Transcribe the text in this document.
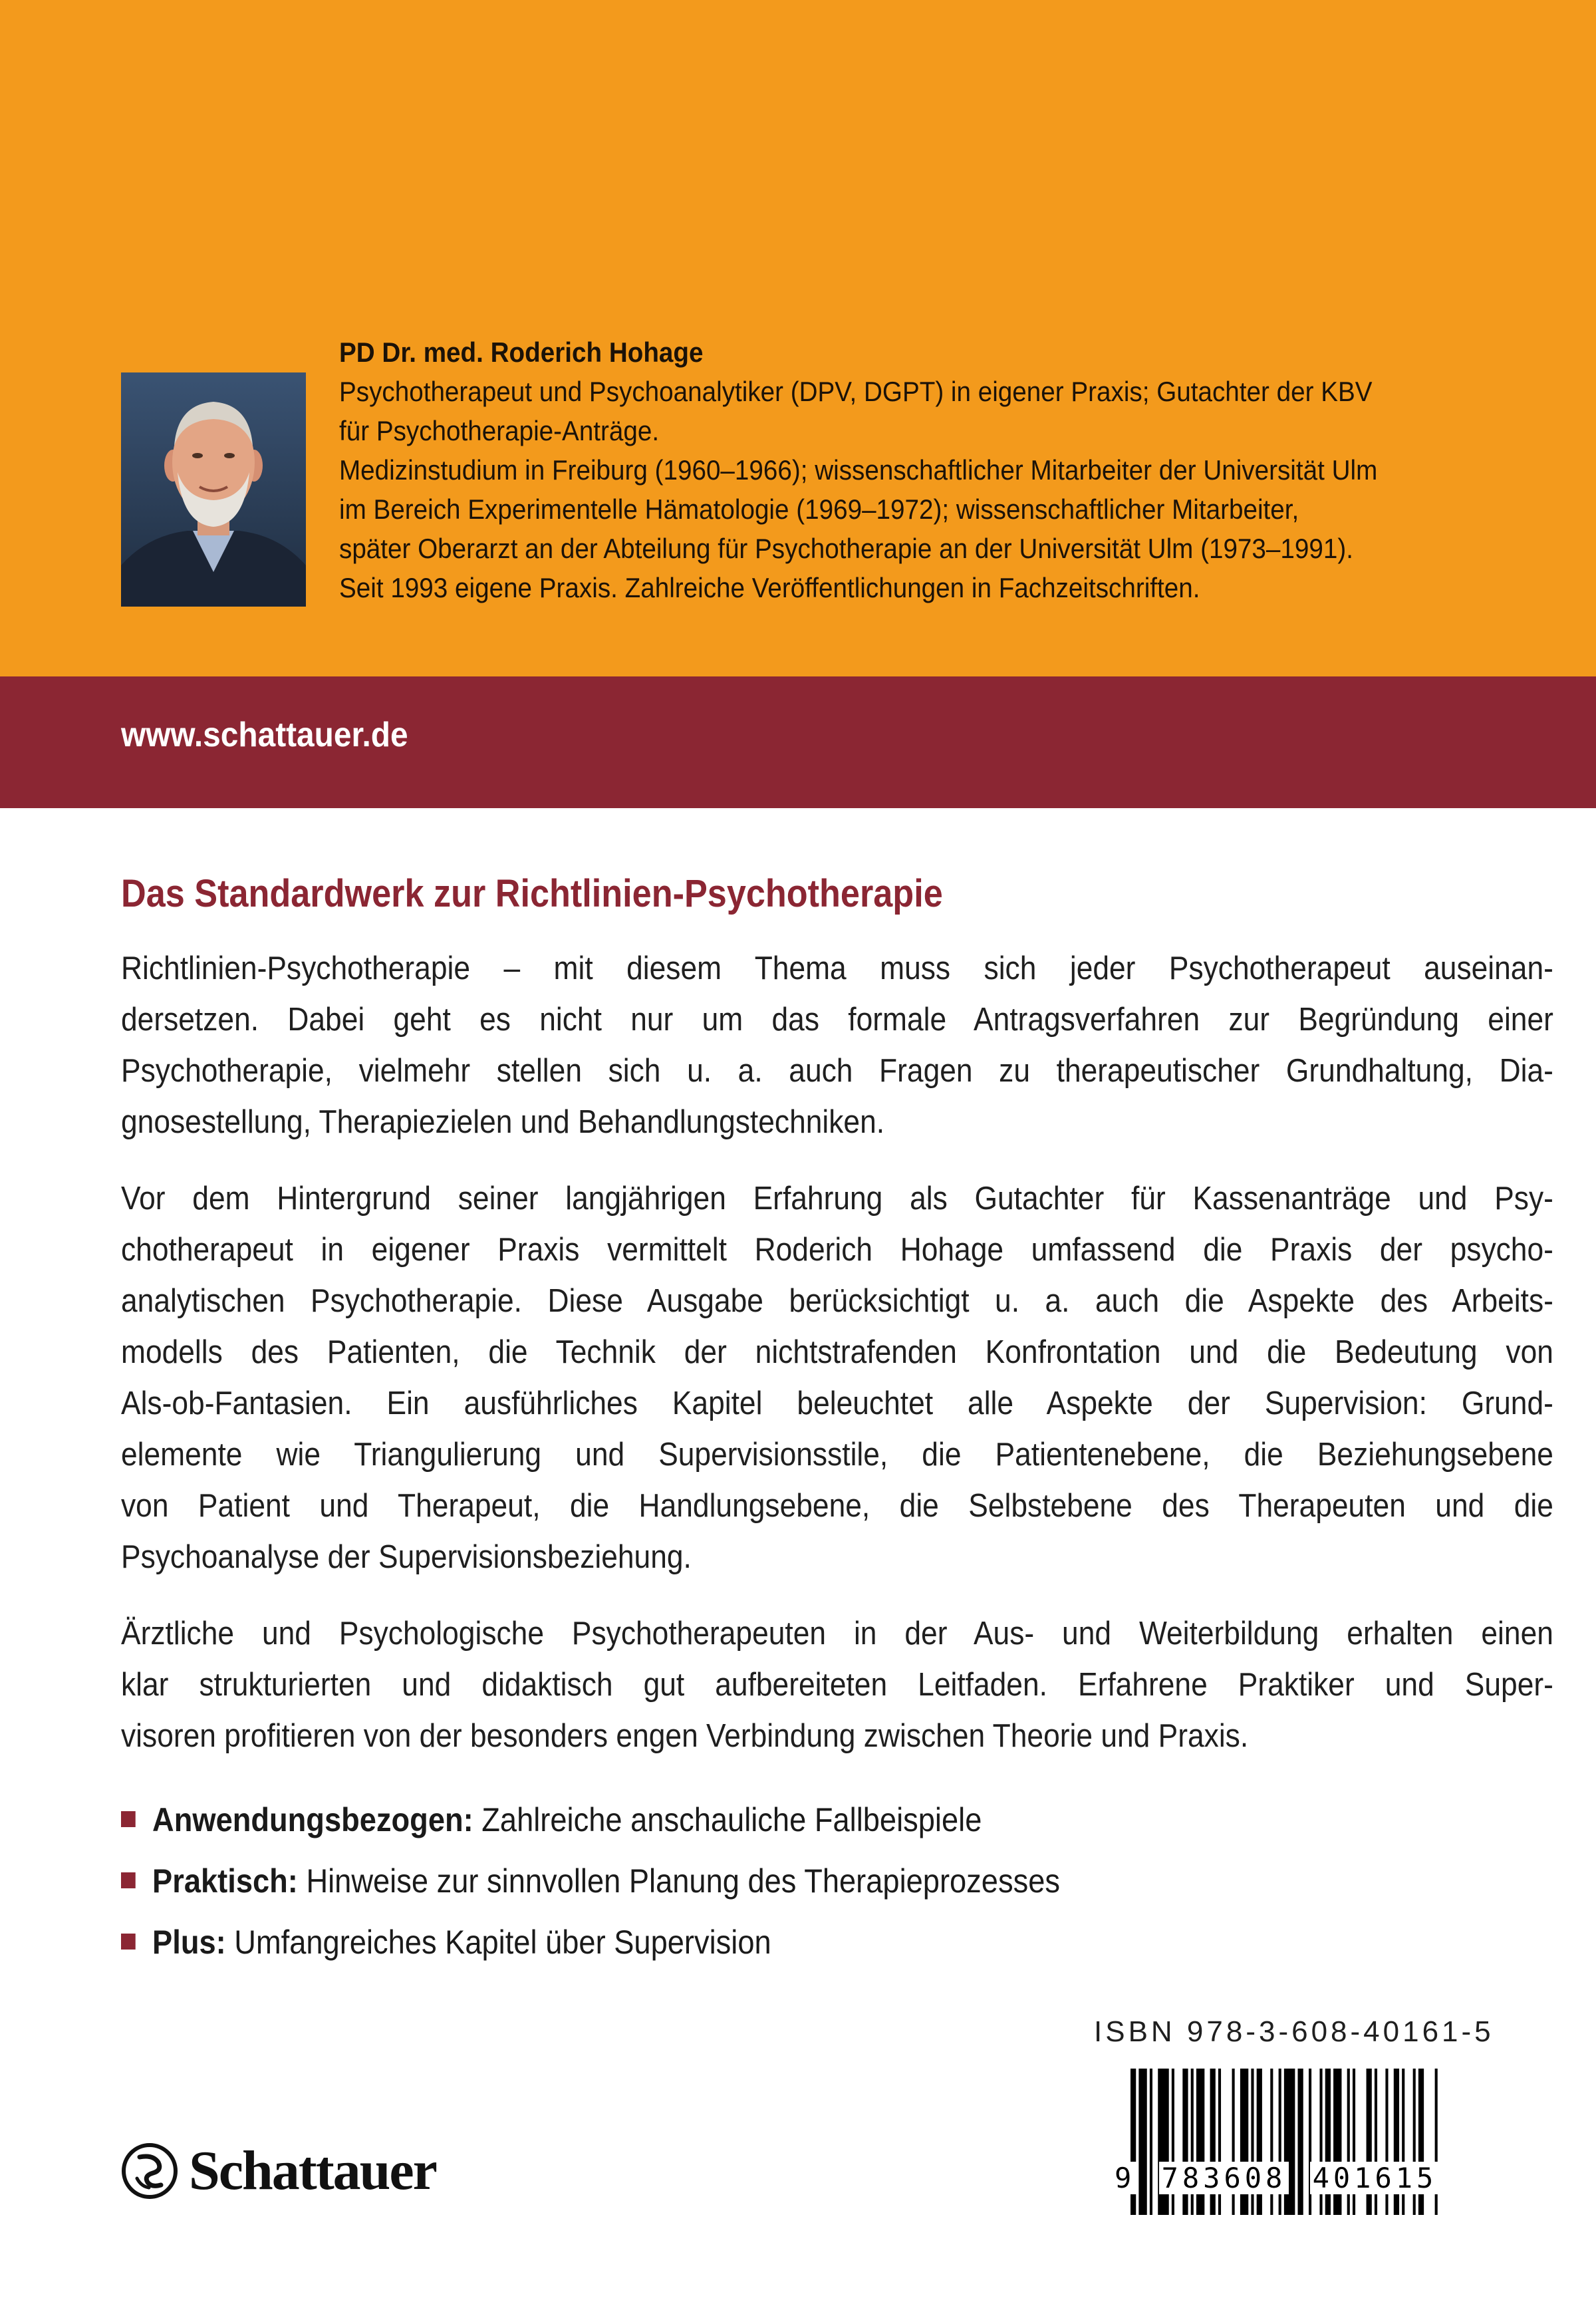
PD Dr. med. Roderich Hohage
Psychotherapeut und Psychoanalytiker (DPV, DGPT) in eigener Praxis; Gutachter der KBV
für Psychotherapie-Anträge.
Medizinstudium in Freiburg (1960–1966); wissenschaftlicher Mitarbeiter der Universität Ulm
im Bereich Experimentelle Hämatologie (1969–1972); wissenschaftlicher Mitarbeiter,
später Oberarzt an der Abteilung für Psychotherapie an der Universität Ulm (1973–1991).
Seit 1993 eigene Praxis. Zahlreiche Veröffentlichungen in Fachzeitschriften.
www.schattauer.de
Das Standardwerk zur Richtlinien-Psychotherapie
Richtlinien-Psychotherapie – mit diesem Thema muss sich jeder Psychotherapeut auseinan-
dersetzen. Dabei geht es nicht nur um das formale Antragsverfahren zur Begründung einer
Psychotherapie, vielmehr stellen sich u. a. auch Fragen zu therapeutischer Grundhaltung, Dia-
gnosestellung, Therapiezielen und Behandlungstechniken.
Vor dem Hintergrund seiner langjährigen Erfahrung als Gutachter für Kassenanträge und Psy-
chotherapeut in eigener Praxis vermittelt Roderich Hohage umfassend die Praxis der psycho-
analytischen Psychotherapie. Diese Ausgabe berücksichtigt u. a. auch die Aspekte des Arbeits-
modells des Patienten, die Technik der nichtstrafenden Konfrontation und die Bedeutung von
Als-ob-Fantasien. Ein ausführliches Kapitel beleuchtet alle Aspekte der Supervision: Grund-
elemente wie Triangulierung und Supervisionsstile, die Patientenebene, die Beziehungsebene
von Patient und Therapeut, die Handlungsebene, die Selbstebene des Therapeuten und die
Psychoanalyse der Supervisionsbeziehung.
Ärztliche und Psychologische Psychotherapeuten in der Aus- und Weiterbildung erhalten einen
klar strukturierten und didaktisch gut aufbereiteten Leitfaden. Erfahrene Praktiker und Super-
visoren profitieren von der besonders engen Verbindung zwischen Theorie und Praxis.
Anwendungsbezogen: Zahlreiche anschauliche Fallbeispiele
Praktisch: Hinweise zur sinnvollen Planung des Therapieprozesses
Plus: Umfangreiches Kapitel über Supervision
ISBN 978-3-608-40161-5
9 783608 401615
Schattauer
